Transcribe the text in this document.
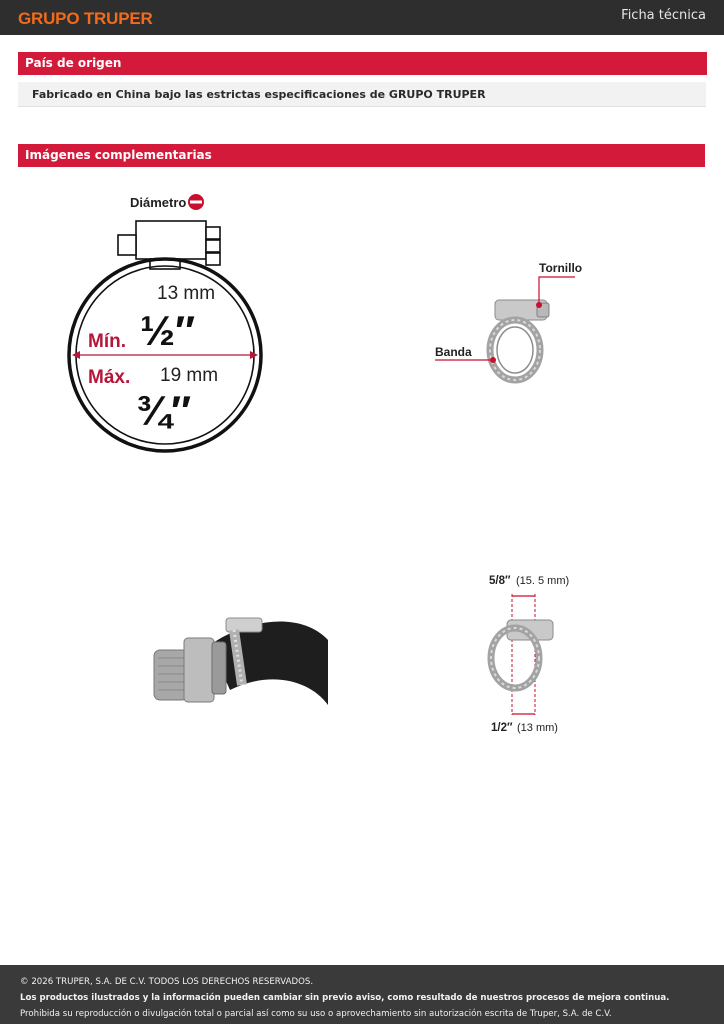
GRUPO TRUPER	Ficha técnica
País de origen
Fabricado en China bajo las estrictas especificaciones de GRUPO TRUPER
Imágenes complementarias
Diámetro
13 mm
½″
Mín.
Máx. 19 mm
¾″
Tornillo
Banda
5/8″ (15. 5 mm)
1/2″ (13 mm)
© 2026 TRUPER, S.A. DE C.V. TODOS LOS DERECHOS RESERVADOS.
Los productos ilustrados y la información pueden cambiar sin previo aviso, como resultado de nuestros procesos de mejora continua.
Prohibida su reproducción o divulgación total o parcial así como su uso o aprovechamiento sin autorización escrita de Truper, S.A. de C.V.
